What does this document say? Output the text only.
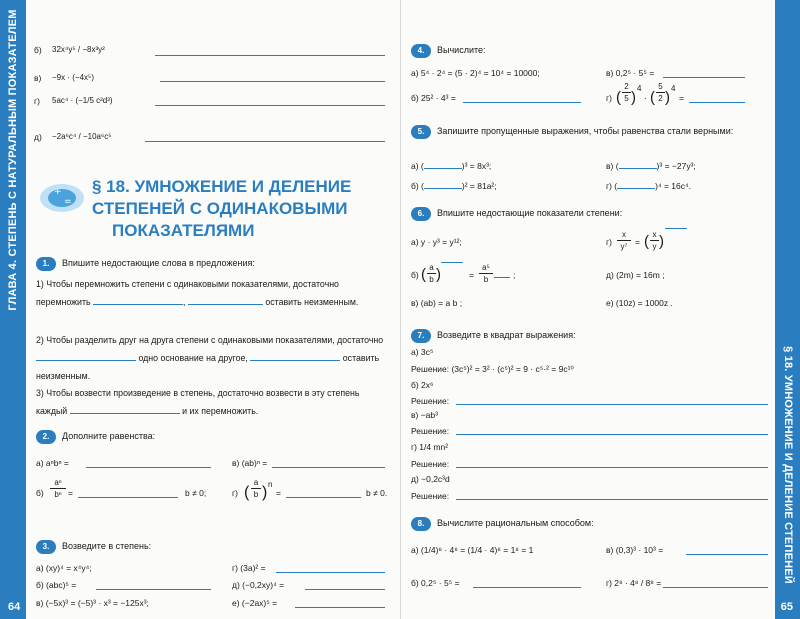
ГЛАВА 4. СТЕПЕНЬ С НАТУРАЛЬНЫМ ПОКАЗАТЕЛЕМ
64
б) 32x⁴y⁵ / −8x³y²
в) −9x · (−4x⁵)
г) 5ac⁴ · (−1/5 c²d³)
д) −2a⁶c⁴ / −10a⁶c⁵
+
=
§ 18. УМНОЖЕНИЕ И ДЕЛЕНИЕ
СТЕПЕНЕЙ С ОДИНАКОВЫМИ
ПОКАЗАТЕЛЯМИ
1.	Впишите недостающие слова в предложения:
1) Чтобы перемножить степени с одинаковыми показателями, достаточно перемножить	,	оставить неизменным.
2) Чтобы разделить друг на друга степени с одинаковыми показателями, достаточно  одно основание на другое,	оставить неизменным.
3) Чтобы возвести произведение в степень, достаточно возвести в эту степень каждый	и их перемножить.
2.	Дополните равенства:
а) aⁿbⁿ =	в) (ab)ⁿ =
б)
aⁿ
bⁿ =	b ≠ 0;	г) (
a
b ) n
=	b ≠ 0.
3.	Возведите в степень:
а) (xy)⁴ = x⁴y⁴;	г) (3a)² =
б) (abc)⁵ =	д) (−0,2xy)⁴ =
в) (−5x)³ = (−5)³ · x³ = −125x³;	е) (−2ax)⁵ =
§ 18. УМНОЖЕНИЕ И ДЕЛЕНИЕ СТЕПЕНЕЙ
65
4.	Вычислите:
а) 5⁴ · 2⁴ = (5 · 2)⁴ = 10⁴ = 10000;	в) 0,2⁵ · 5⁵ =
б) 25² · 4³ =	г) (
2
5 )
4
· (
5
2 )
4
=
5.	Запишите пропущенные выражения, чтобы равенства стали верными:
а) (	)³ = 8x³;	в) (	)³ = −27y³;
б) (	)² = 81a²;	г) (	)⁴ = 16c⁴.
6.	Впишите недостающие показатели степени:
а) y · y³ = y¹²;	г)
x
y⁷ = ( x
y )
б) ( a
b )	=
a⁵
b	;	д) (2m) = 16m ;
в) (ab) = a b ;	е) (10z) = 1000z .
7.	Возведите в квадрат выражения:
а) 3c⁵
Решение: (3c⁵)² = 3² · (c⁵)² = 9 · c⁵·² = 9c¹⁰
б) 2x⁶
Решение:
в) −ab³
Решение:
г) 1/4 mn²
Решение:
д) −0,2c³d
Решение:
8.	Вычислите рациональным способом:
а) (1/4)⁸ · 4⁸ = (1/4 · 4)⁸ = 1⁸ = 1	в) (0,3)³ · 10³ =
б) 0,2⁵ · 5⁵ =	г) 2⁸ · 4⁸ / 8⁸ =
